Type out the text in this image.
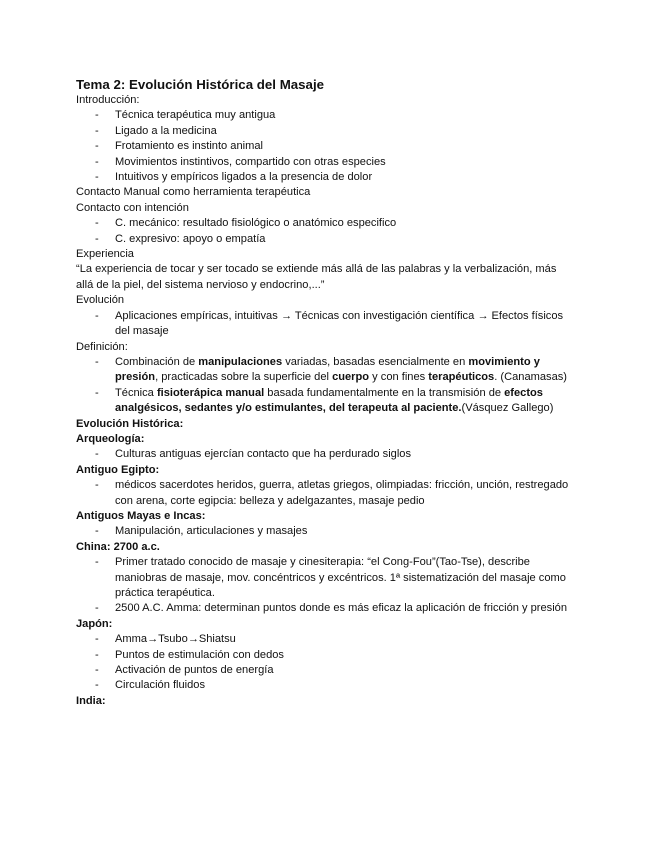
Tema 2: Evolución Histórica del Masaje
Introducción:
- Técnica terapéutica muy antigua
- Ligado a la medicina
- Frotamiento es instinto animal
- Movimientos instintivos, compartido con otras especies
- Intuitivos y empíricos ligados a la presencia de dolor
Contacto Manual como herramienta terapéutica
Contacto con intención
- C. mecánico: resultado fisiológico o anatómico especifico
- C. expresivo: apoyo o empatía
Experiencia
“La experiencia de tocar y ser tocado se extiende más allá de las palabras y la verbalización, más allá de la piel, del sistema nervioso y endocrino,...”
Evolución
- Aplicaciones empíricas, intuitivas → Técnicas con investigación científica → Efectos físicos del masaje
Definición:
- Combinación de manipulaciones variadas, basadas esencialmente en movimiento y presión, practicadas sobre la superficie del cuerpo y con fines terapéuticos. (Canamasas)
- Técnica fisioterápica manual basada fundamentalmente en la transmisión de efectos analgésicos, sedantes y/o estimulantes, del terapeuta al paciente.(Vásquez Gallego)
Evolución Histórica:
Arqueología:
- Culturas antiguas ejercían contacto que ha perdurado siglos
Antiguo Egipto:
- médicos sacerdotes heridos, guerra, atletas griegos, olimpiadas: fricción, unción, restregado con arena, corte egipcia: belleza y adelgazantes, masaje pedio
Antiguos Mayas e Incas:
- Manipulación, articulaciones y masajes
China: 2700 a.c.
- Primer tratado conocido de masaje y cinesiterapia: “el Cong-Fou”(Tao-Tse), describe maniobras de masaje, mov. concéntricos y excéntricos. 1ª sistematización del masaje como práctica terapéutica.
- 2500 A.C. Amma: determinan puntos donde es más eficaz la aplicación de fricción y presión
Japón:
- Amma→Tsubo→Shiatsu
- Puntos de estimulación con dedos
- Activación de puntos de energía
- Circulación fluidos
India:
